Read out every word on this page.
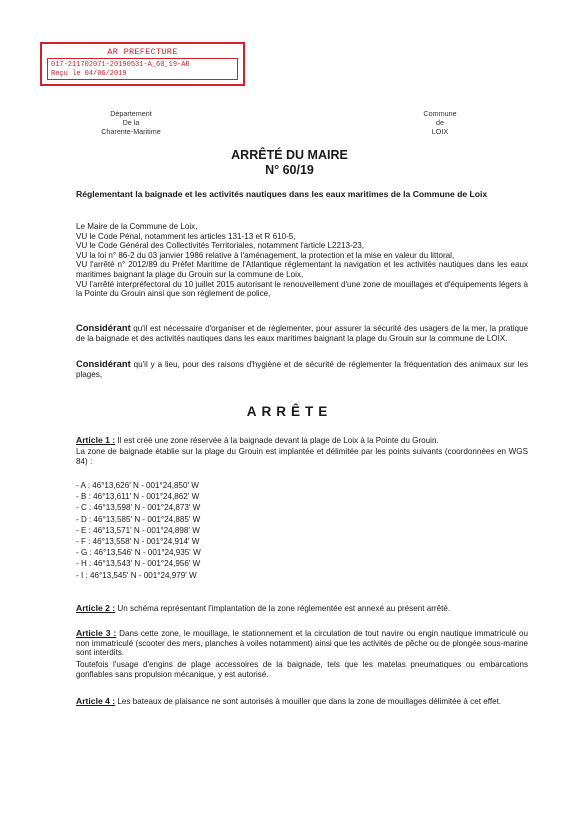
AR PREFECTURE
017-211702071-20190531-A_60_19-AR
Reçu le 04/06/2019
Département
De la
Charente-Maritime
Commune
de
LOIX
ARRÊTÉ DU MAIRE
N° 60/19

Réglementant la baignade et les activités nautiques dans les eaux maritimes de la Commune de Loix

Le Maire de la Commune de Loix,
VU le Code Pénal, notamment les articles 131-13 et R 610-5,
VU le Code Général des Collectivités Territoriales, notamment l'article L2213-23,
VU la loi n° 86-2 du 03 janvier 1986 relative à l'aménagement, la protection et la mise en valeur du littoral,
VU l'arrêté n° 2012/89 du Préfet Maritime de l'Atlantique réglementant la navigation et les activités nautiques dans les eaux maritimes baignant la plage du Grouin sur la commune de Loix,
VU l'arrêté interpréfectoral du 10 juillet 2015 autorisant le renouvellement d'une zone de mouillages et d'équipements légers à la Pointe du Grouin ainsi que son règlement de police,

Considérant qu'il est nécessaire d'organiser et de réglementer, pour assurer la sécurité des usagers de la mer, la pratique de la baignade et des activités nautiques dans les eaux maritimes baignant la plage du Grouin sur la commune de LOIX.

Considérant qu'il y a lieu, pour des raisons d'hygiène et de sécurité de réglementer la fréquentation des animaux sur les plages,

ARRÊTE

Article 1 : Il est créé une zone réservée à la baignade devant la plage de Loix à la Pointe du Grouin.

La zone de baignade établie sur la plage du Grouin est implantée et délimitée par les points suivants (coordonnées en WGS 84) :

- A : 46°13,626' N - 001°24,850' W
- B : 46°13,611' N - 001°24,862' W
- C : 46°13,598' N - 001°24,873' W
- D : 46°13,585' N - 001°24,885' W
- E : 46°13,571' N - 001°24,898' W
- F : 46°13,558' N - 001°24,914' W
- G : 46°13,546' N - 001°24,935' W
- H : 46°13,543' N - 001°24,956' W
- I : 46°13,545' N - 001°24,979' W

Article 2 : Un schéma représentant l'implantation de la zone réglementée est annexé au présent arrêté.

Article 3 : Dans cette zone, le mouillage, le stationnement et la circulation de tout navire ou engin nautique immatriculé ou non immatriculé (scooter des mers, planches à voiles notamment) ainsi que les activités de pêche ou de plongée sous-marine sont interdits.

Toutefois l'usage d'engins de plage accessoires de la baignade, tels que les matelas pneumatiques ou embarcations gonflables sans propulsion mécanique, y est autorisé.

Article 4 : Les bateaux de plaisance ne sont autorisés à mouiller que dans la zone de mouillages délimitée à cet effet.
